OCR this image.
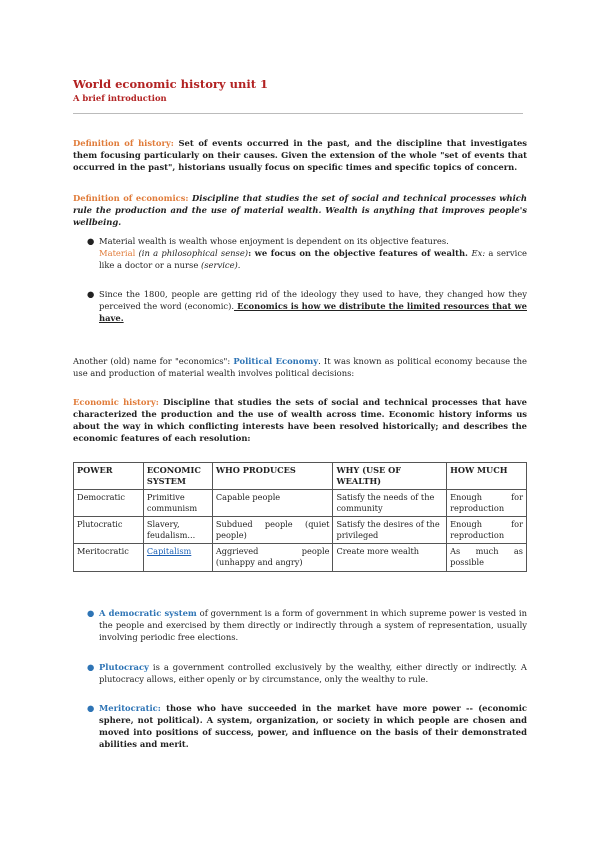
World economic history unit 1
A brief introduction
Definition of history: Set of events occurred in the past, and the discipline that investigates them focusing particularly on their causes. Given the extension of the whole "set of events that occurred in the past", historians usually focus on specific times and specific topics of concern.
Definition of economics: Discipline that studies the set of social and technical processes which rule the production and the use of material wealth. Wealth is anything that improves people's wellbeing.
● Material wealth is wealth whose enjoyment is dependent on its objective features.
Material (in a philosophical sense): we focus on the objective features of wealth. Ex: a service like a doctor or a nurse (service).
● Since the 1800, people are getting rid of the ideology they used to have, they changed how they perceived the word (economic). Economics is how we distribute the limited resources that we have.
Another (old) name for "economics": Political Economy. It was known as political economy because the use and production of material wealth involves political decisions:
Economic history: Discipline that studies the sets of social and technical processes that have characterized the production and the use of wealth across time. Economic history informs us about the way in which conflicting interests have been resolved historically; and describes the economic features of each resolution:
POWER	ECONOMIC SYSTEM	WHO PRODUCES	WHY (USE OF WEALTH)	HOW MUCH
Democratic	Primitive communism	Capable people	Satisfy the needs of the community	Enough for reproduction
Plutocratic	Slavery, feudalism...	Subdued people (quiet people)	Satisfy the desires of the privileged	Enough for reproduction
Meritocratic	Capitalism	Aggrieved people (unhappy and angry)	Create more wealth	As much as possible
● A democratic system of government is a form of government in which supreme power is vested in the people and exercised by them directly or indirectly through a system of representation, usually involving periodic free elections.
● Plutocracy is a government controlled exclusively by the wealthy, either directly or indirectly. A plutocracy allows, either openly or by circumstance, only the wealthy to rule.
● Meritocratic: those who have succeeded in the market have more power -- (economic sphere, not political). A system, organization, or society in which people are chosen and moved into positions of success, power, and influence on the basis of their demonstrated abilities and merit.
